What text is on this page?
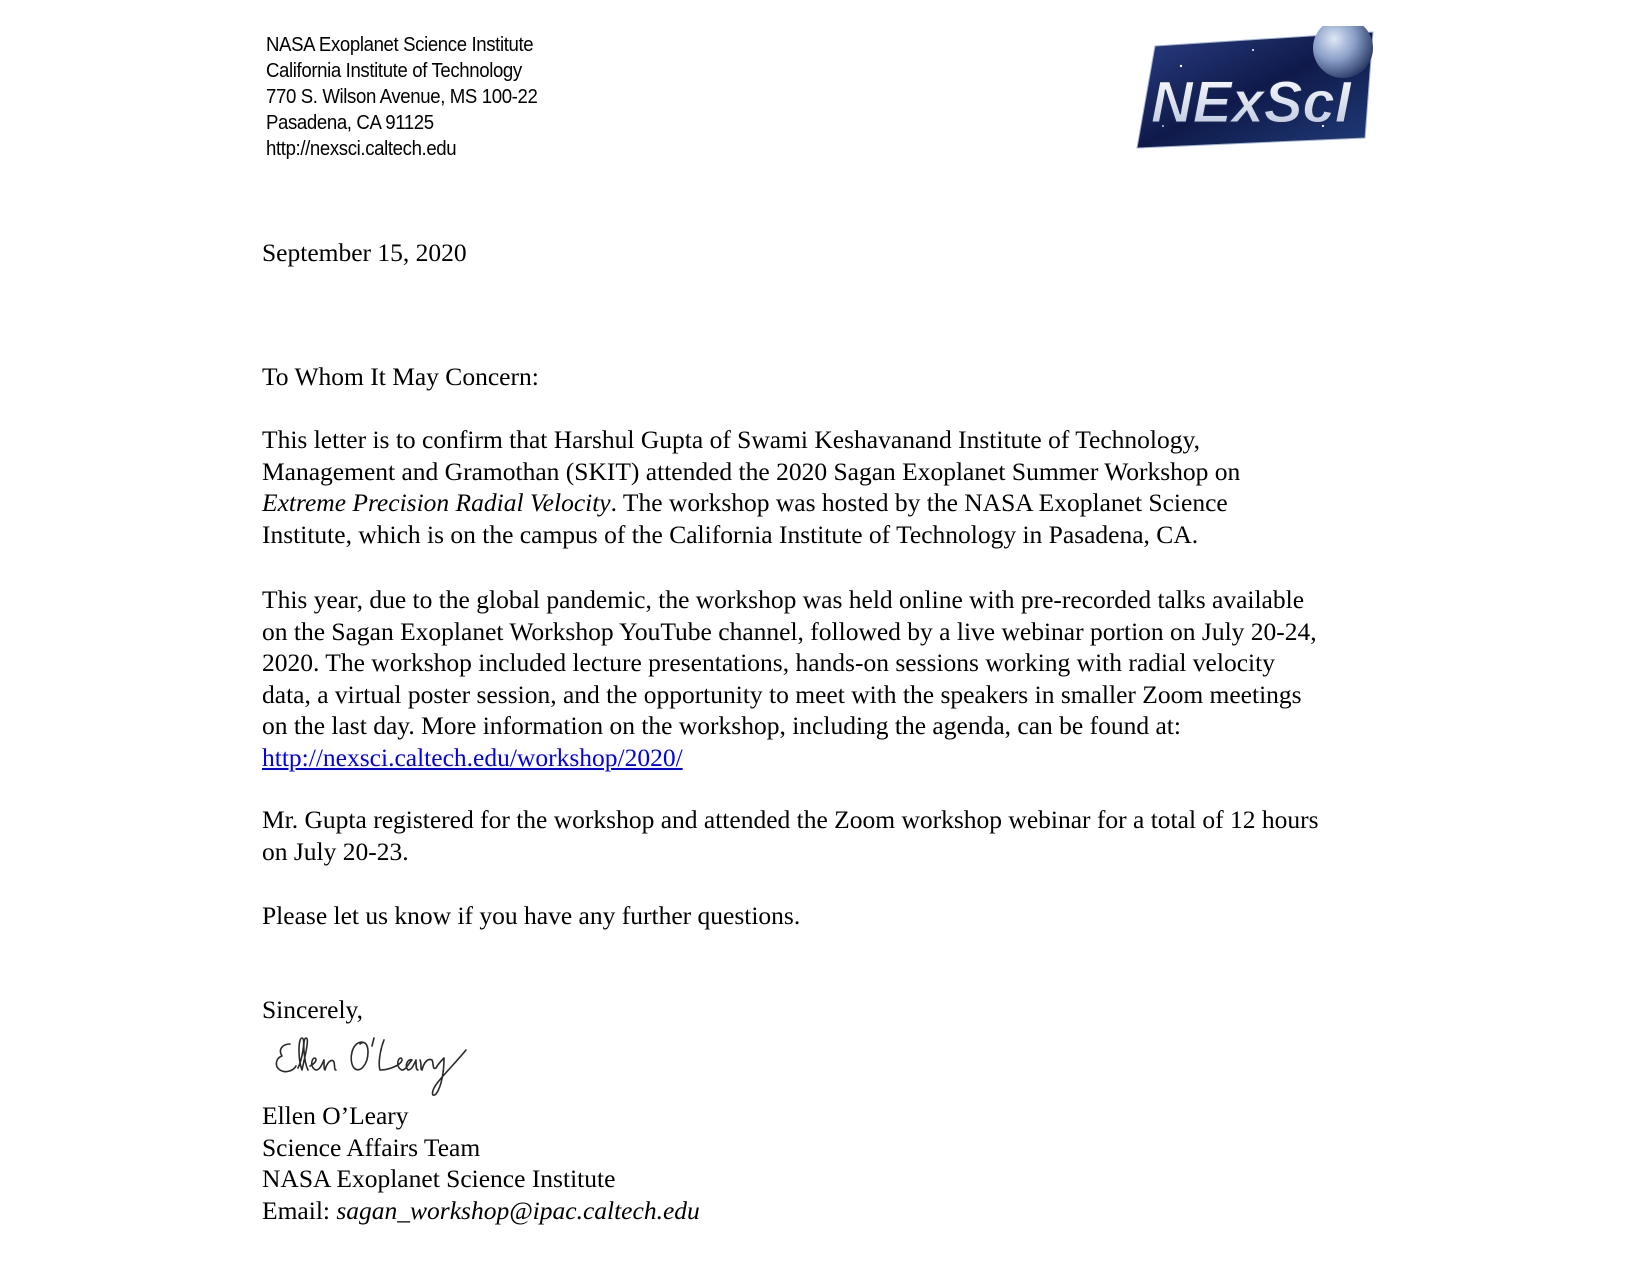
NASA Exoplanet Science Institute
California Institute of Technology
770 S. Wilson Avenue, MS 100-22
Pasadena, CA 91125
http://nexsci.caltech.edu
NExScI
September 15, 2020
To Whom It May Concern:
This letter is to confirm that Harshul Gupta of Swami Keshavanand Institute of Technology,
Management and Gramothan (SKIT) attended the 2020 Sagan Exoplanet Summer Workshop on
Extreme Precision Radial Velocity. The workshop was hosted by the NASA Exoplanet Science
Institute, which is on the campus of the California Institute of Technology in Pasadena, CA.
This year, due to the global pandemic, the workshop was held online with pre-recorded talks available
on the Sagan Exoplanet Workshop YouTube channel, followed by a live webinar portion on July 20-24,
2020. The workshop included lecture presentations, hands-on sessions working with radial velocity
data, a virtual poster session, and the opportunity to meet with the speakers in smaller Zoom meetings
on the last day. More information on the workshop, including the agenda, can be found at:
http://nexsci.caltech.edu/workshop/2020/
Mr. Gupta registered for the workshop and attended the Zoom workshop webinar for a total of 12 hours
on July 20-23.
Please let us know if you have any further questions.
Sincerely,
Ellen O’Leary
Science Affairs Team
NASA Exoplanet Science Institute
Email: sagan_workshop@ipac.caltech.edu
